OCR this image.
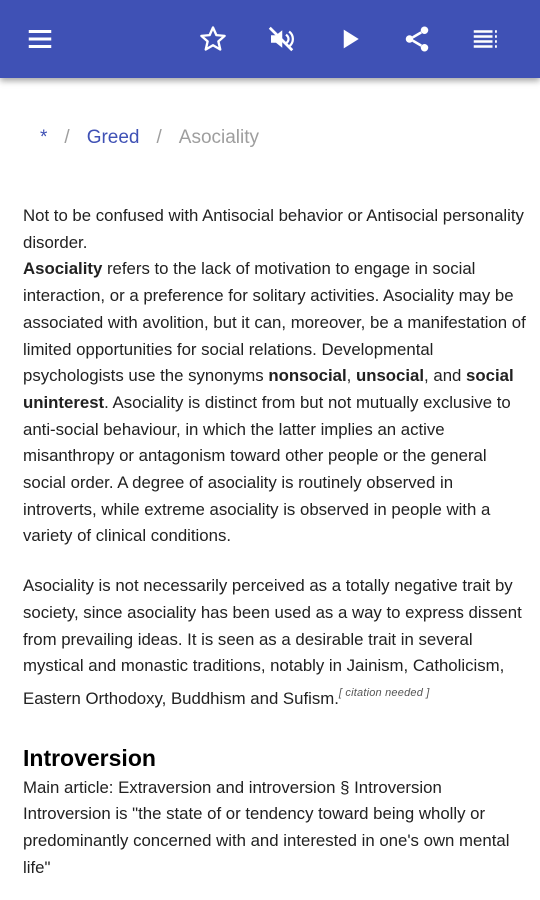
* / Greed / Asociality

Not to be confused with Antisocial behavior or Antisocial personality disorder.

Asociality refers to the lack of motivation to engage in social interaction, or a preference for solitary activities. Asociality may be associated with avolition, but it can, moreover, be a manifestation of limited opportunities for social relations. Developmental psychologists use the synonyms nonsocial, unsocial, and social uninterest. Asociality is distinct from but not mutually exclusive to anti-social behaviour, in which the latter implies an active misanthropy or antagonism toward other people or the general social order. A degree of asociality is routinely observed in introverts, while extreme asociality is observed in people with a variety of clinical conditions.

Asociality is not necessarily perceived as a totally negative trait by society, since asociality has been used as a way to express dissent from prevailing ideas. It is seen as a desirable trait in several mystical and monastic traditions, notably in Jainism, Catholicism, Eastern Orthodoxy, Buddhism and Sufism.[ citation needed ]

Introversion

Main article: Extraversion and introversion § Introversion

Introversion is "the state of or tendency toward being wholly or predominantly concerned with and interested in one's own mental life"
